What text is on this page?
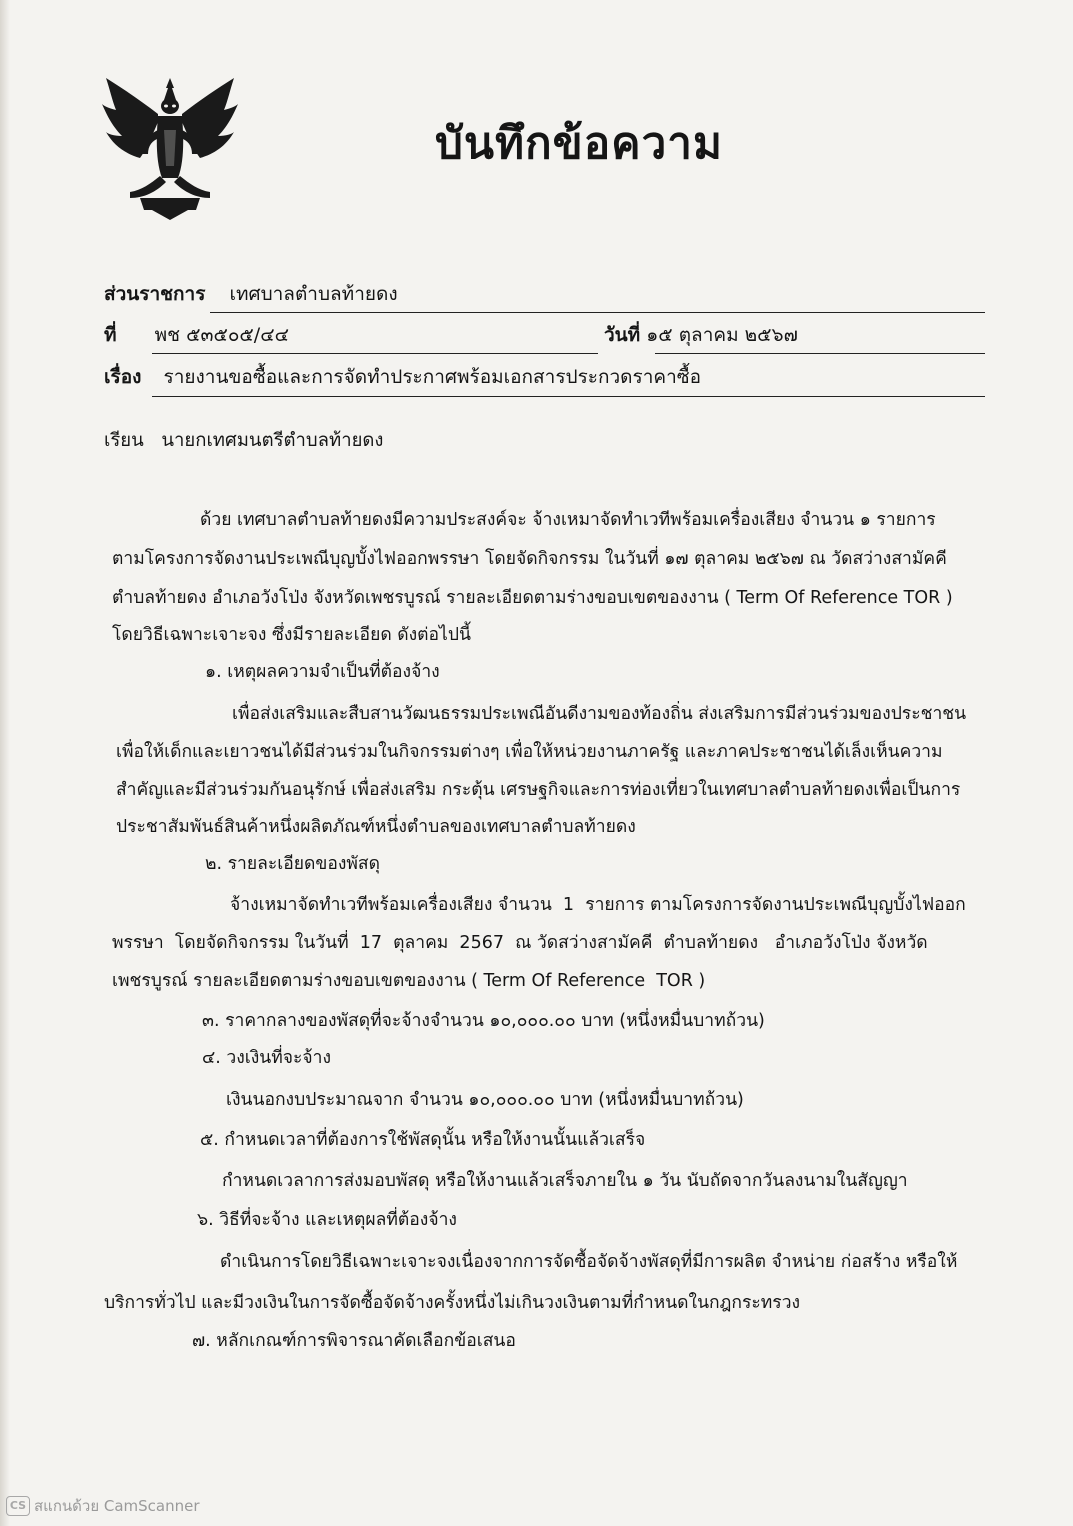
บันทึกข้อความ
ส่วนราชการ เทศบาลตำบลท้ายดง
ที่ พช ๕๓๕๐๕/๔๔	วันที่ ๑๕ ตุลาคม ๒๕๖๗
เรื่อง รายงานขอซื้อและการจัดทำประกาศพร้อมเอกสารประกวดราคาซื้อ
เรียน   นายกเทศมนตรีตำบลท้ายดง
ด้วย เทศบาลตำบลท้ายดงมีความประสงค์จะ จ้างเหมาจัดทำเวทีพร้อมเครื่องเสียง จำนวน ๑ รายการ
ตามโครงการจัดงานประเพณีบุญบั้งไฟออกพรรษา โดยจัดกิจกรรม ในวันที่ ๑๗ ตุลาคม ๒๕๖๗ ณ วัดสว่างสามัคคี
ตำบลท้ายดง อำเภอวังโป่ง จังหวัดเพชรบูรณ์ รายละเอียดตามร่างขอบเขตของงาน ( Term Of Reference TOR )
โดยวิธีเฉพาะเจาะจง ซึ่งมีรายละเอียด ดังต่อไปนี้
๑. เหตุผลความจำเป็นที่ต้องจ้าง
เพื่อส่งเสริมและสืบสานวัฒนธรรมประเพณีอันดีงามของท้องถิ่น ส่งเสริมการมีส่วนร่วมของประชาชน
เพื่อให้เด็กและเยาวชนได้มีส่วนร่วมในกิจกรรมต่างๆ เพื่อให้หน่วยงานภาครัฐ และภาคประชาชนได้เล็งเห็นความ
สำคัญและมีส่วนร่วมกันอนุรักษ์ เพื่อส่งเสริม กระตุ้น เศรษฐกิจและการท่องเที่ยวในเทศบาลตำบลท้ายดงเพื่อเป็นการ
ประชาสัมพันธ์สินค้าหนึ่งผลิตภัณฑ์หนึ่งตำบลของเทศบาลตำบลท้ายดง
๒. รายละเอียดของพัสดุ
จ้างเหมาจัดทำเวทีพร้อมเครื่องเสียง จำนวน  1  รายการ ตามโครงการจัดงานประเพณีบุญบั้งไฟออก
พรรษา  โดยจัดกิจกรรม ในวันที่  17  ตุลาคม  2567  ณ วัดสว่างสามัคคี  ตำบลท้ายดง   อำเภอวังโป่ง จังหวัด
เพชรบูรณ์ รายละเอียดตามร่างขอบเขตของงาน ( Term Of Reference  TOR )
๓. ราคากลางของพัสดุที่จะจ้างจำนวน ๑๐,๐๐๐.๐๐ บาท (หนึ่งหมื่นบาทถ้วน)
๔. วงเงินที่จะจ้าง
เงินนอกงบประมาณจาก จำนวน ๑๐,๐๐๐.๐๐ บาท (หนึ่งหมื่นบาทถ้วน)
๕. กำหนดเวลาที่ต้องการใช้พัสดุนั้น หรือให้งานนั้นแล้วเสร็จ
กำหนดเวลาการส่งมอบพัสดุ หรือให้งานแล้วเสร็จภายใน ๑ วัน นับถัดจากวันลงนามในสัญญา
๖. วิธีที่จะจ้าง และเหตุผลที่ต้องจ้าง
ดำเนินการโดยวิธีเฉพาะเจาะจงเนื่องจากการจัดซื้อจัดจ้างพัสดุที่มีการผลิต จำหน่าย ก่อสร้าง หรือให้
บริการทั่วไป และมีวงเงินในการจัดซื้อจัดจ้างครั้งหนึ่งไม่เกินวงเงินตามที่กำหนดในกฎกระทรวง
๗. หลักเกณฑ์การพิจารณาคัดเลือกข้อเสนอ
CS สแกนด้วย CamScanner
